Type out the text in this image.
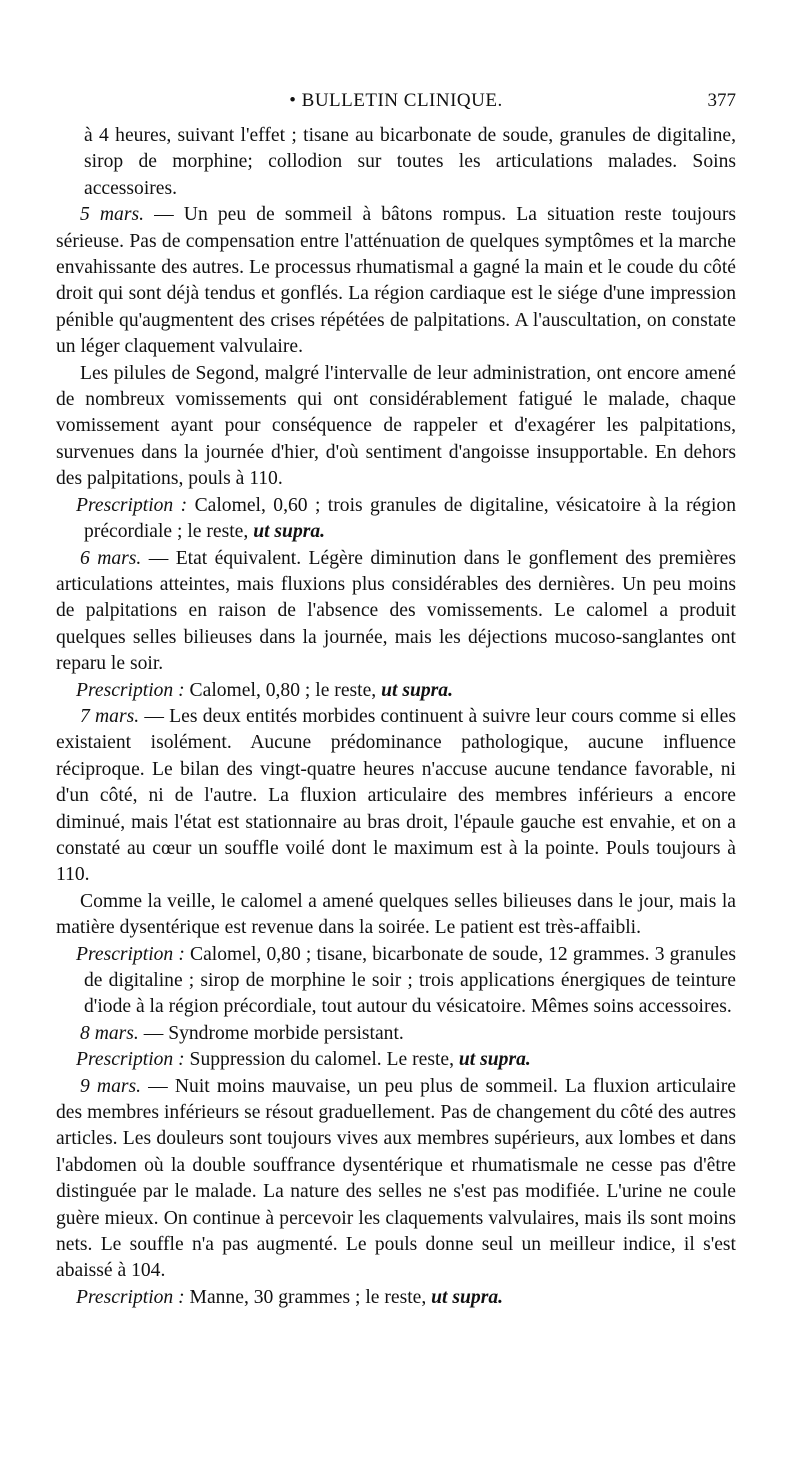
• BULLETIN CLINIQUE.	377

à 4 heures, suivant l'effet ; tisane au bicarbonate de soude, granules de digitaline, sirop de morphine; collodion sur toutes les articulations malades. Soins accessoires.

5 mars. — Un peu de sommeil à bâtons rompus. La situation reste toujours sérieuse. Pas de compensation entre l'atténuation de quelques symptômes et la marche envahissante des autres. Le processus rhumatismal a gagné la main et le coude du côté droit qui sont déjà tendus et gonflés. La région cardiaque est le siége d'une impression pénible qu'augmentent des crises répétées de palpitations. A l'auscultation, on constate un léger claquement valvulaire.

Les pilules de Segond, malgré l'intervalle de leur administration, ont encore amené de nombreux vomissements qui ont considérablement fatigué le malade, chaque vomissement ayant pour conséquence de rappeler et d'exagérer les palpitations, survenues dans la journée d'hier, d'où sentiment d'angoisse insupportable. En dehors des palpitations, pouls à 110.

Prescription : Calomel, 0,60 ; trois granules de digitaline, vésicatoire à la région précordiale ; le reste, ut supra.

6 mars. — Etat équivalent. Légère diminution dans le gonflement des premières articulations atteintes, mais fluxions plus considérables des dernières. Un peu moins de palpitations en raison de l'absence des vomissements. Le calomel a produit quelques selles bilieuses dans la journée, mais les déjections mucoso-sanglantes ont reparu le soir.

Prescription : Calomel, 0,80 ; le reste, ut supra.

7 mars. — Les deux entités morbides continuent à suivre leur cours comme si elles existaient isolément. Aucune prédominance pathologique, aucune influence réciproque. Le bilan des vingt-quatre heures n'accuse aucune tendance favorable, ni d'un côté, ni de l'autre. La fluxion articulaire des membres inférieurs a encore diminué, mais l'état est stationnaire au bras droit, l'épaule gauche est envahie, et on a constaté au cœur un souffle voilé dont le maximum est à la pointe. Pouls toujours à 110.

Comme la veille, le calomel a amené quelques selles bilieuses dans le jour, mais la matière dysentérique est revenue dans la soirée. Le patient est très-affaibli.

Prescription : Calomel, 0,80 ; tisane, bicarbonate de soude, 12 grammes. 3 granules de digitaline ; sirop de morphine le soir ; trois applications énergiques de teinture d'iode à la région précordiale, tout autour du vésicatoire. Mêmes soins accessoires.

8 mars. — Syndrome morbide persistant.

Prescription : Suppression du calomel. Le reste, ut supra.

9 mars. — Nuit moins mauvaise, un peu plus de sommeil. La fluxion articulaire des membres inférieurs se résout graduellement. Pas de changement du côté des autres articles. Les douleurs sont toujours vives aux membres supérieurs, aux lombes et dans l'abdomen où la double souffrance dysentérique et rhumatismale ne cesse pas d'être distinguée par le malade. La nature des selles ne s'est pas modifiée. L'urine ne coule guère mieux. On continue à percevoir les claquements valvulaires, mais ils sont moins nets. Le souffle n'a pas augmenté. Le pouls donne seul un meilleur indice, il s'est abaissé à 104.

Prescription : Manne, 30 grammes ; le reste, ut supra.
